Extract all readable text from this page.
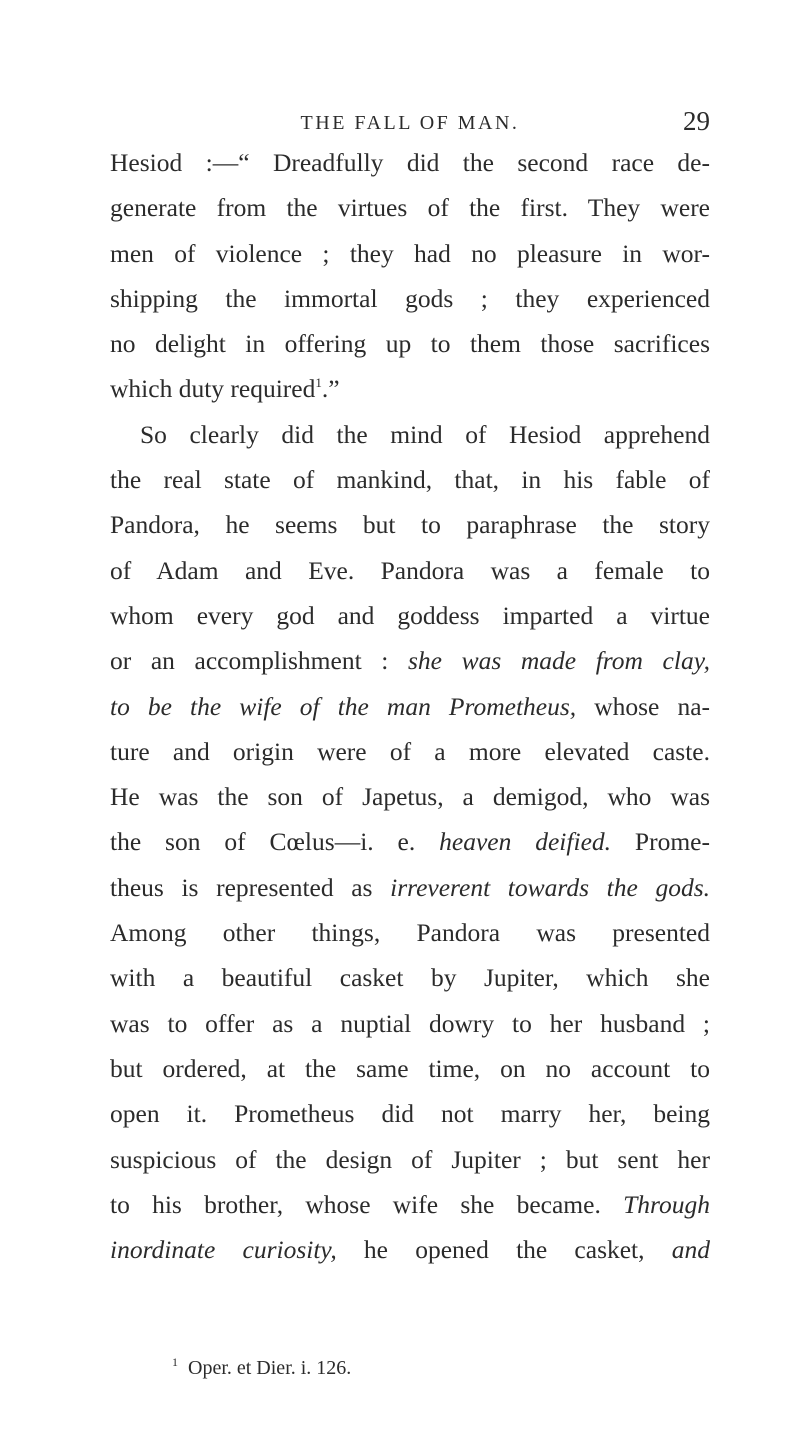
THE FALL OF MAN.	29
Hesiod :—“ Dreadfully did the second race de-
generate from the virtues of the first. They were
men of violence ; they had no pleasure in wor-
shipping the immortal gods ; they experienced
no delight in offering up to them those sacrifices
which duty required$^1$.”
So clearly did the mind of Hesiod apprehend
the real state of mankind, that, in his fable of
Pandora, he seems but to paraphrase the story
of Adam and Eve. Pandora was a female to
whom every god and goddess imparted a virtue
or an accomplishment : she was made from clay,
to be the wife of the man Prometheus, whose na-
ture and origin were of a more elevated caste.
He was the son of Japetus, a demigod, who was
the son of Cœlus—i. e. heaven deified. Prome-
theus is represented as irreverent towards the gods.
Among other things, Pandora was presented
with a beautiful casket by Jupiter, which she
was to offer as a nuptial dowry to her husband ;
but ordered, at the same time, on no account to
open it. Prometheus did not marry her, being
suspicious of the design of Jupiter ; but sent her
to his brother, whose wife she became. Through
inordinate curiosity, he opened the casket, and
$^1$ Oper. et Dier. i. 126.
